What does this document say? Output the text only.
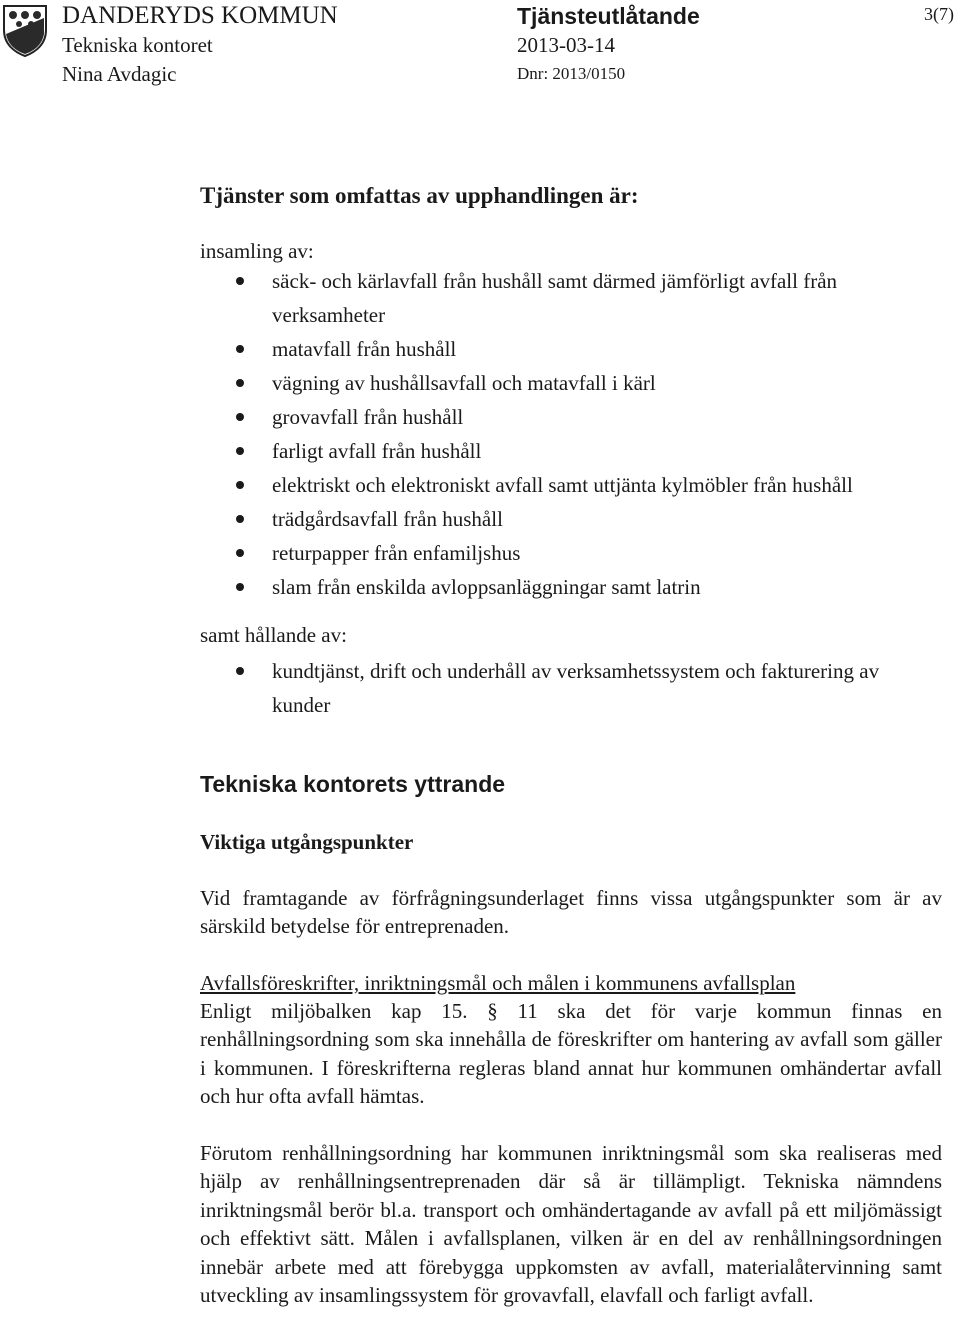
DANDERYDS KOMMUN
Tekniska kontoret
Nina Avdagic
Tjänsteutlåtande
2013-03-14
Dnr: 2013/0150
3(7)
Tjänster som omfattas av upphandlingen är:
insamling av:
säck- och kärlavfall från hushåll samt därmed jämförligt avfall från verksamheter
matavfall från hushåll
vägning av hushållsavfall och matavfall i kärl
grovavfall från hushåll
farligt avfall från hushåll
elektriskt och elektroniskt avfall samt uttjänta kylmöbler från hushåll
trädgårdsavfall från hushåll
returpapper från enfamiljshus
slam från enskilda avloppsanläggningar samt latrin
samt hållande av:
kundtjänst, drift och underhåll av verksamhetssystem och fakturering av kunder
Tekniska kontorets yttrande
Viktiga utgångspunkter

Vid framtagande av förfrågningsunderlaget finns vissa utgångspunkter som är av särskild betydelse för entreprenaden.

Avfallsföreskrifter, inriktningsmål och målen i kommunens avfallsplan

Enligt miljöbalken kap 15. § 11 ska det för varje kommun finnas en renhållningsordning som ska innehålla de föreskrifter om hantering av avfall som gäller i kommunen. I föreskrifterna regleras bland annat hur kommunen omhändertar avfall och hur ofta avfall hämtas.

Förutom renhållningsordning har kommunen inriktningsmål som ska realiseras med hjälp av renhållningsentreprenaden där så är tillämpligt. Tekniska nämndens inriktningsmål berör bl.a. transport och omhändertagande av avfall på ett miljömässigt och effektivt sätt. Målen i avfallsplanen, vilken är en del av renhållningsordningen innebär arbete med att förebygga uppkomsten av avfall, materialåtervinning samt utveckling av insamlingssystem för grovavfall, elavfall och farligt avfall.
